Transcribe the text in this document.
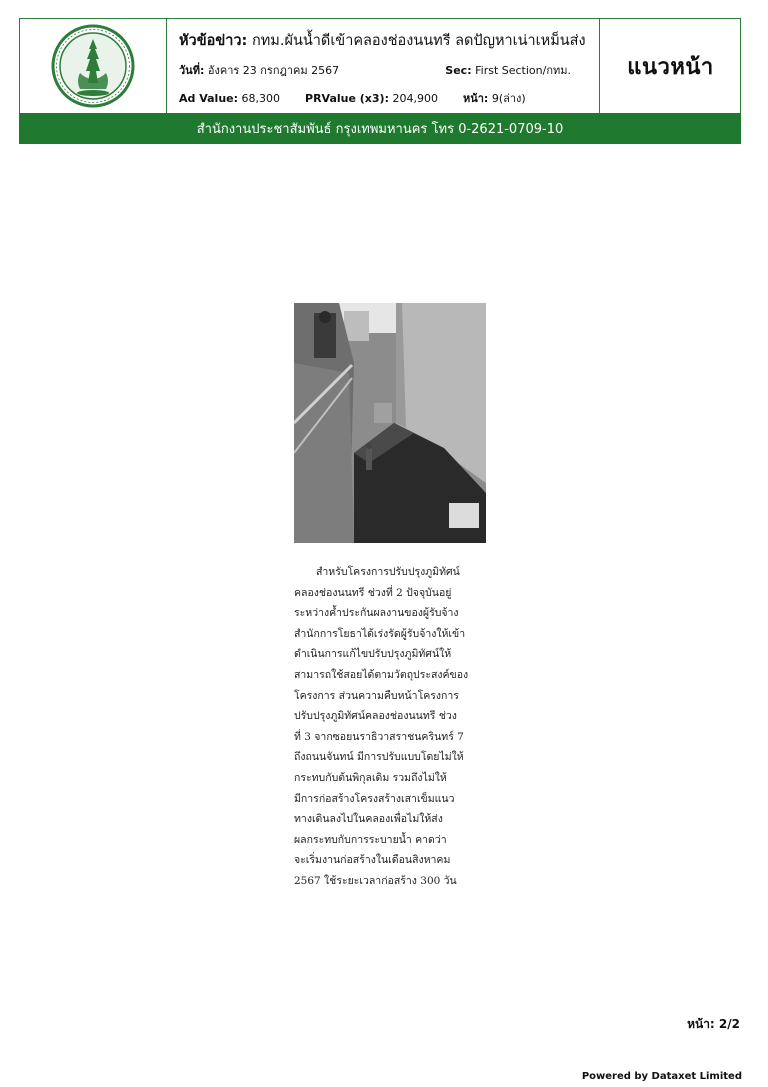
หัวข้อข่าว: กทม.ผันน้ำดีเข้าคลองช่องนนทรี ลดปัญหาเน่าเหม็นส่ง
วันที่: อังคาร 23 กรกฎาคม 2567	Sec: First Section/กทม.
Ad Value: 68,300 PRValue (x3): 204,900 หน้า: 9(ล่าง)
แนวหน้า
สำนักงานประชาสัมพันธ์ กรุงเทพมหานคร โทร 0-2621-0709-10
สำหรับโครงการปรับปรุงภูมิทัศน์
คลองช่องนนทรี ช่วงที่ 2 ปัจจุบันอยู่
ระหว่างค้ำประกันผลงานของผู้รับจ้าง
สำนักการโยธาได้เร่งรัดผู้รับจ้างให้เข้า
ดำเนินการแก้ไขปรับปรุงภูมิทัศน์ให้
สามารถใช้สอยได้ตามวัตถุประสงค์ของ
โครงการ ส่วนความคืบหน้าโครงการ
ปรับปรุงภูมิทัศน์คลองช่องนนทรี ช่วง
ที่ 3 จากซอยนราธิวาสราชนครินทร์ 7
ถึงถนนจันทน์ มีการปรับแบบโดยไม่ให้
กระทบกับต้นพิกุลเดิม รวมถึงไม่ให้
มีการก่อสร้างโครงสร้างเสาเข็มแนว
ทางเดินลงไปในคลองเพื่อไม่ให้ส่ง
ผลกระทบกับการระบายน้ำ คาดว่า
จะเริ่มงานก่อสร้างในเดือนสิงหาคม
2567 ใช้ระยะเวลาก่อสร้าง 300 วัน
หน้า: 2/2
Powered by Dataxet Limited
